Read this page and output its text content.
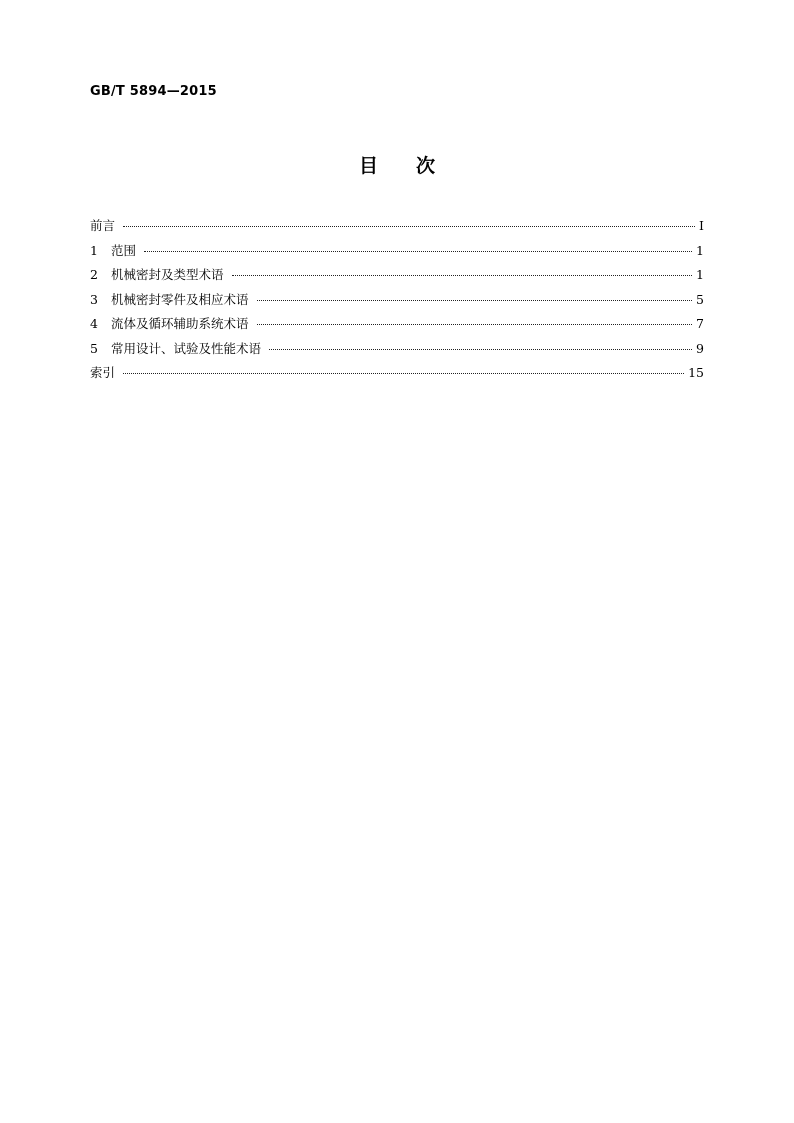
GB/T 5894—2015
目次
前言	Ⅰ
1	范围	1
2	机械密封及类型术语	1
3	机械密封零件及相应术语	5
4	流体及循环辅助系统术语	7
5	常用设计、试验及性能术语	9
索引	15
